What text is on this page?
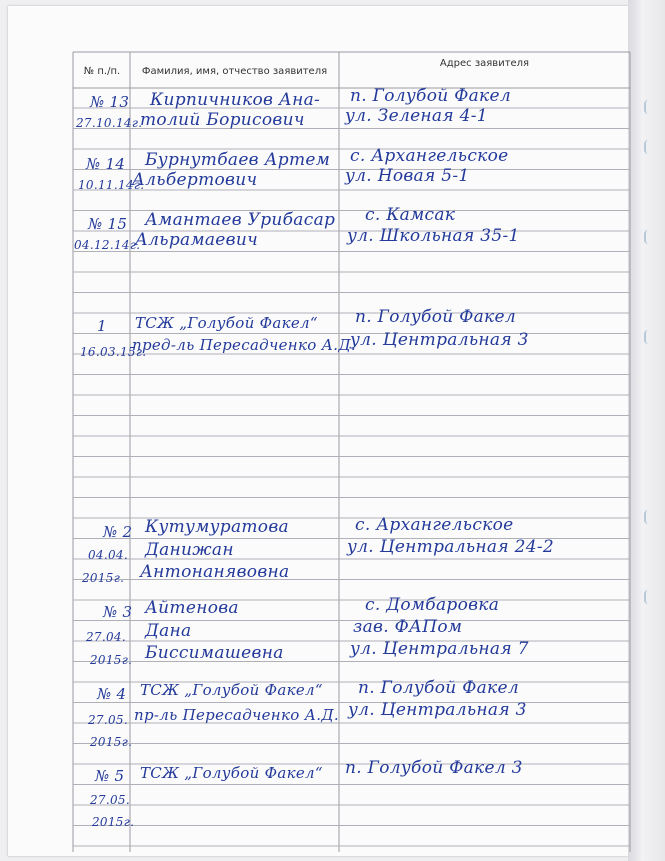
№ п./п.	Фамилия, имя, отчество заявителя
Адрес заявителя
№ 13
27.10.14г.
Кирпичников Ана-
толий Борисович
п. Голубой Факел
ул. Зеленая 4-1
№ 14
10.11.14г.
Бурнутбаев Артем
Альбертович
с. Архангельское
ул. Новая 5-1
№ 15
04.12.14г.
Амантаев Урибасар
Альрамаевич
с. Камсак
ул. Школьная 35-1
1
16.03.15г.
ТСЖ „Голубой Факел“
пред-ль Пересадченко А.Д.
п. Голубой Факел
ул. Центральная 3
№ 2
04.04.
2015г.
Кутумуратова
Данижан
Антонанявовна
с. Архангельское
ул. Центральная 24-2
№ 3
27.04.
2015г.
Айтенова
Дана
Биссимашевна
с. Домбаровка
зав. ФАПом
ул. Центральная 7
№ 4
27.05.
2015г.
ТСЖ „Голубой Факел“
пр-ль Пересадченко А.Д.
п. Голубой Факел
ул. Центральная 3
№ 5
27.05.
2015г.
ТСЖ „Голубой Факел“ п. Голубой Факел 3
